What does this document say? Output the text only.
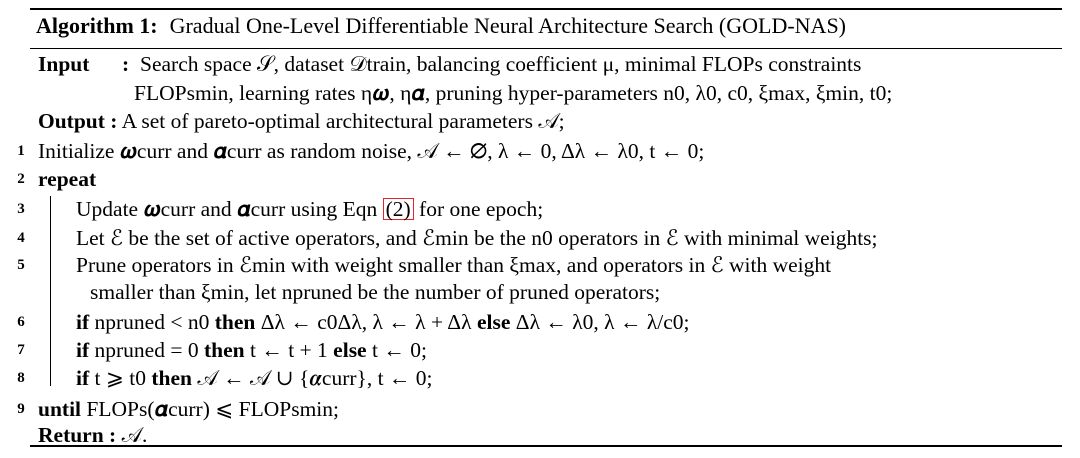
Algorithm 1: Gradual One-Level Differentiable Neural Architecture Search (GOLD-NAS)
Input : Search space 𝒮, dataset 𝒟train, balancing coefficient μ, minimal FLOPs constraints
FLOPsmin, learning rates η𝝎, η𝜶, pruning hyper-parameters n0, λ0, c0, ξmax, ξmin, t0;
Output : A set of pareto-optimal architectural parameters 𝒜;
1 Initialize 𝝎curr and 𝜶curr as random noise, 𝒜 ← ∅, λ ← 0, Δλ ← λ0, t ← 0;
2 repeat
3	Update 𝝎curr and 𝜶curr using Eqn (2) for one epoch;
4	Let ℰ be the set of active operators, and ℰmin be the n0 operators in ℰ with minimal weights;
5	Prune operators in ℰmin with weight smaller than ξmax, and operators in ℰ with weight
smaller than ξmin, let npruned be the number of pruned operators;
6	if npruned < n0 then Δλ ← c0Δλ, λ ← λ + Δλ else Δλ ← λ0, λ ← λ/c0;
7	if npruned = 0 then t ← t + 1 else t ← 0;
8	if t ⩾ t0 then 𝒜 ← 𝒜 ∪ {𝜶curr}, t ← 0;
9 until FLOPs(𝜶curr) ⩽ FLOPsmin;
Return : 𝒜.
